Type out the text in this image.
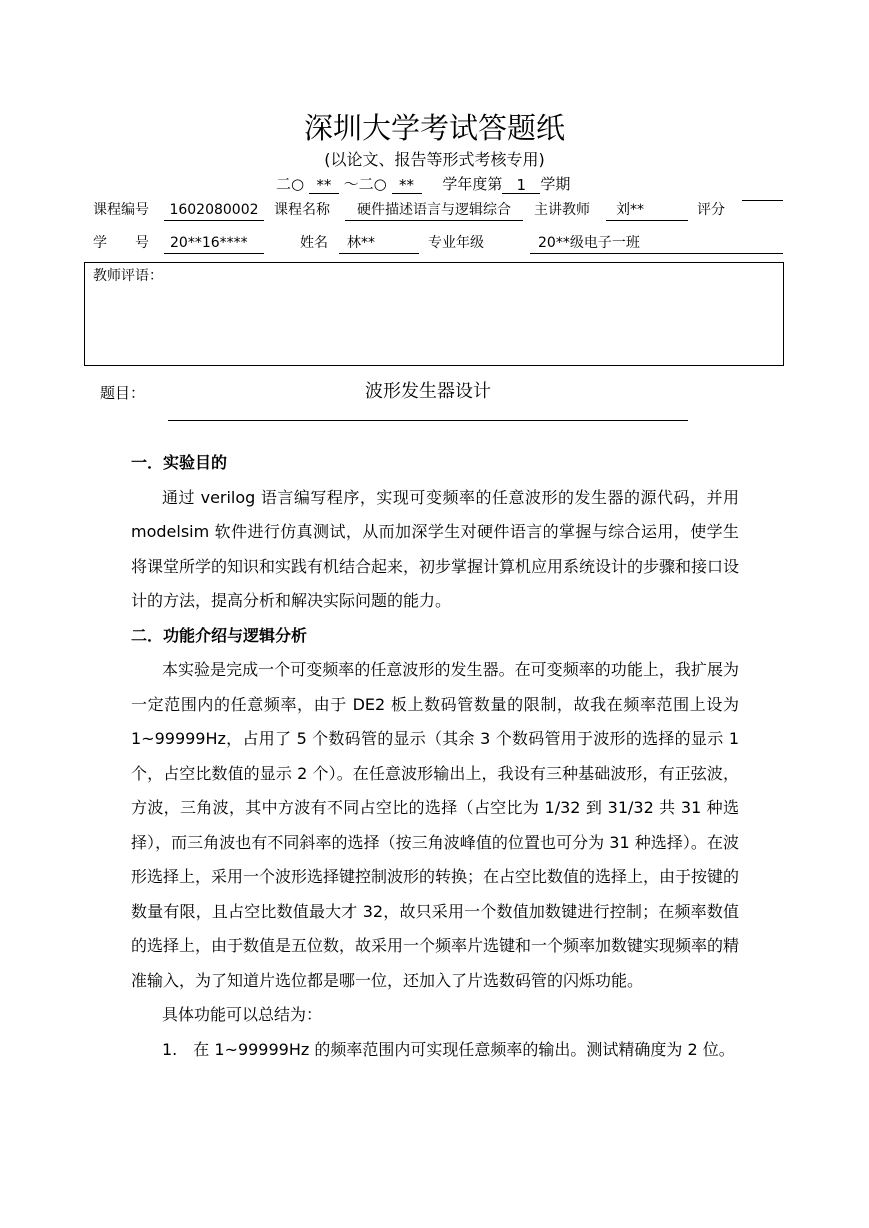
深圳大学考试答题纸
(以论文、报告等形式考核专用)
二○ ** ～二○ ** 学年度第 1 学期
课程编号	1602080002	课程名称	硬件描述语言与逻辑综合	主讲教师	刘**	评分
学　　号	20**16****	姓名	林**	专业年级	20**级电子一班
教师评语：
题目：	波形发生器设计

一．实验目的

通过 verilog 语言编写程序，实现可变频率的任意波形的发生器的源代码，并用 modelsim 软件进行仿真测试，从而加深学生对硬件语言的掌握与综合运用，使学生将课堂所学的知识和实践有机结合起来，初步掌握计算机应用系统设计的步骤和接口设计的方法，提高分析和解决实际问题的能力。

二．功能介绍与逻辑分析

本实验是完成一个可变频率的任意波形的发生器。在可变频率的功能上，我扩展为一定范围内的任意频率，由于 DE2 板上数码管数量的限制，故我在频率范围上设为 1~99999Hz，占用了 5 个数码管的显示（其余 3 个数码管用于波形的选择的显示 1 个，占空比数值的显示 2 个）。在任意波形输出上，我设有三种基础波形，有正弦波，方波，三角波，其中方波有不同占空比的选择（占空比为 1/32 到 31/32 共 31 种选择），而三角波也有不同斜率的选择（按三角波峰值的位置也可分为 31 种选择）。在波形选择上，采用一个波形选择键控制波形的转换；在占空比数值的选择上，由于按键的数量有限，且占空比数值最大才 32，故只采用一个数值加数键进行控制；在频率数值的选择上，由于数值是五位数，故采用一个频率片选键和一个频率加数键实现频率的精准输入，为了知道片选位都是哪一位，还加入了片选数码管的闪烁功能。

具体功能可以总结为：

1.　在 1~99999Hz 的频率范围内可实现任意频率的输出。测试精确度为 2 位。
